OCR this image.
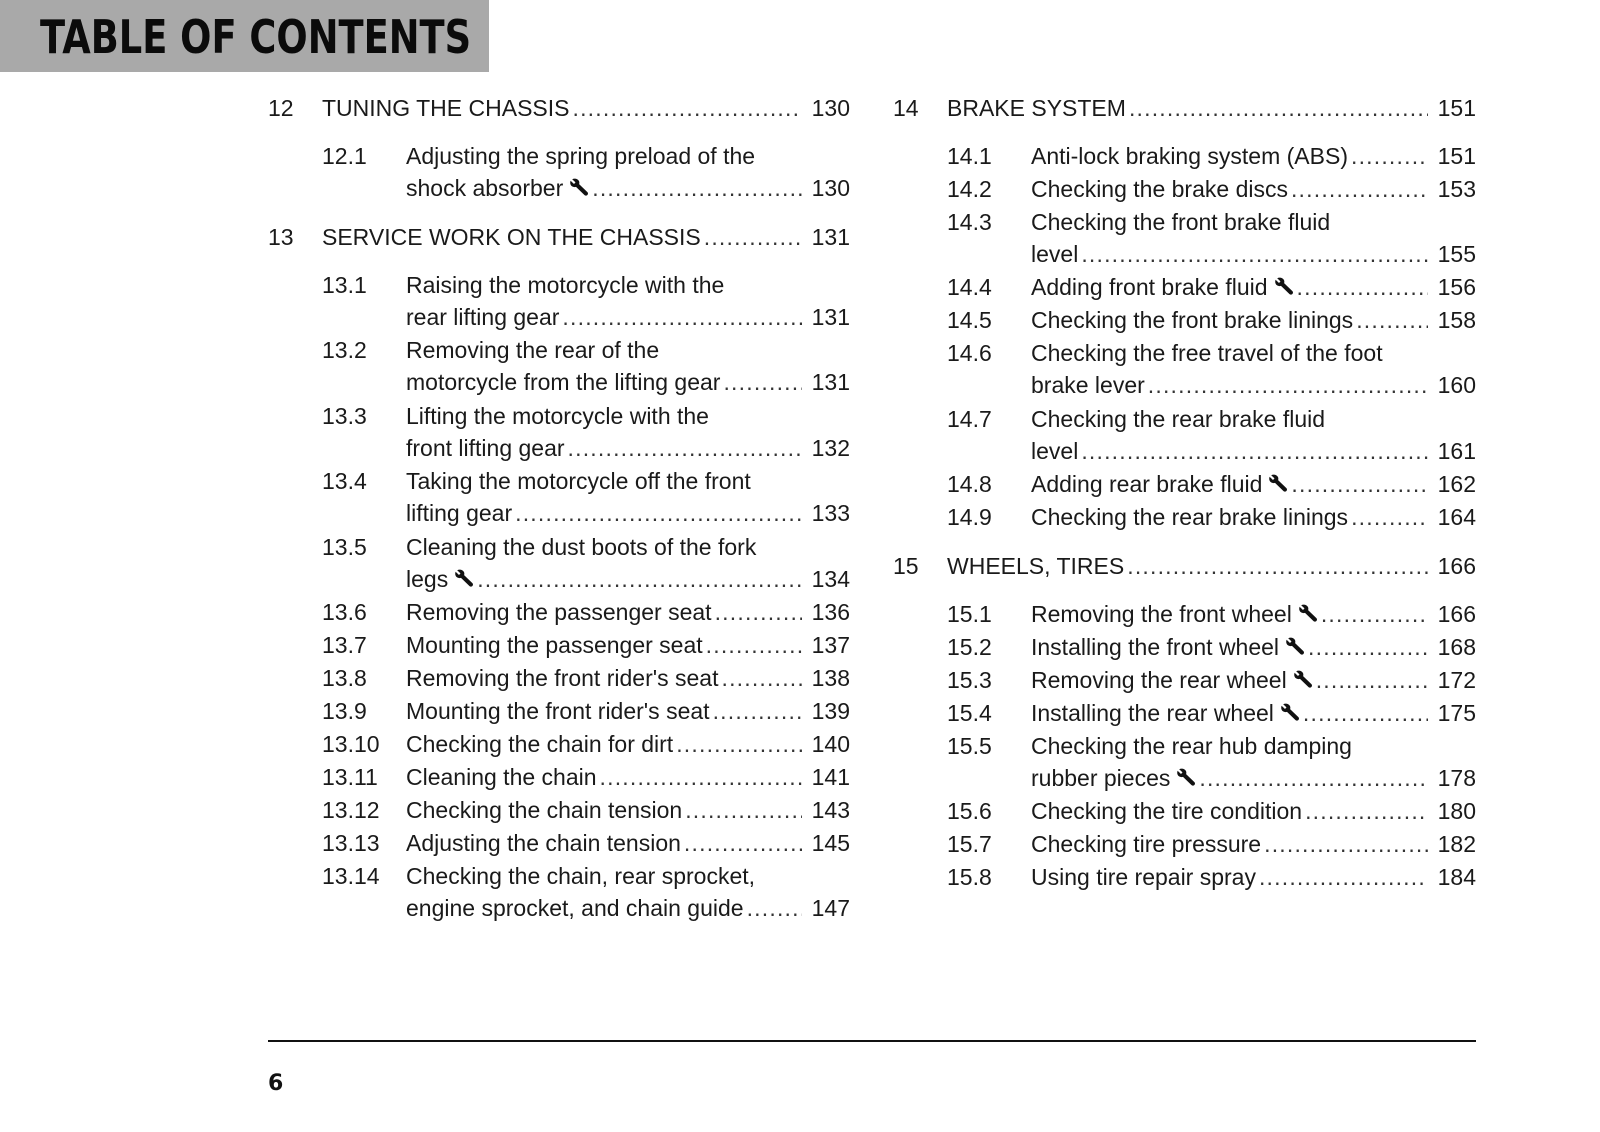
TABLE OF CONTENTS
12 TUNING THE CHASSIS .....	130
12.1 Adjusting the spring preload of the
shock absorber .....	130
13 SERVICE WORK ON THE CHASSIS .....	131
13.1 Raising the motorcycle with the
rear lifting gear .....	131
13.2 Removing the rear of the
motorcycle from the lifting gear .....	131
13.3 Lifting the motorcycle with the
front lifting gear .....	132
13.4 Taking the motorcycle off the front
lifting gear .....	133
13.5 Cleaning the dust boots of the fork
legs .....	134
13.6 Removing the passenger seat .....	136
13.7 Mounting the passenger seat .....	137
13.8 Removing the front rider's seat .....	138
13.9 Mounting the front rider's seat .....	139
13.10 Checking the chain for dirt .....	140
13.11 Cleaning the chain .....	141
13.12 Checking the chain tension .....	143
13.13 Adjusting the chain tension .....	145
13.14 Checking the chain, rear sprocket,
engine sprocket, and chain guide .....	147
14 BRAKE SYSTEM .....	151
14.1 Anti-lock braking system (ABS) .....	151
14.2 Checking the brake discs .....	153
14.3 Checking the front brake fluid
level .....	155
14.4 Adding front brake fluid .....	156
14.5 Checking the front brake linings .....	158
14.6 Checking the free travel of the foot
brake lever .....	160
14.7 Checking the rear brake fluid
level .....	161
14.8 Adding rear brake fluid .....	162
14.9 Checking the rear brake linings .....	164
15 WHEELS, TIRES .....	166
15.1 Removing the front wheel .....	166
15.2 Installing the front wheel .....	168
15.3 Removing the rear wheel .....	172
15.4 Installing the rear wheel .....	175
15.5 Checking the rear hub damping
rubber pieces .....	178
15.6 Checking the tire condition .....	180
15.7 Checking tire pressure .....	182
15.8 Using tire repair spray .....	184
6
